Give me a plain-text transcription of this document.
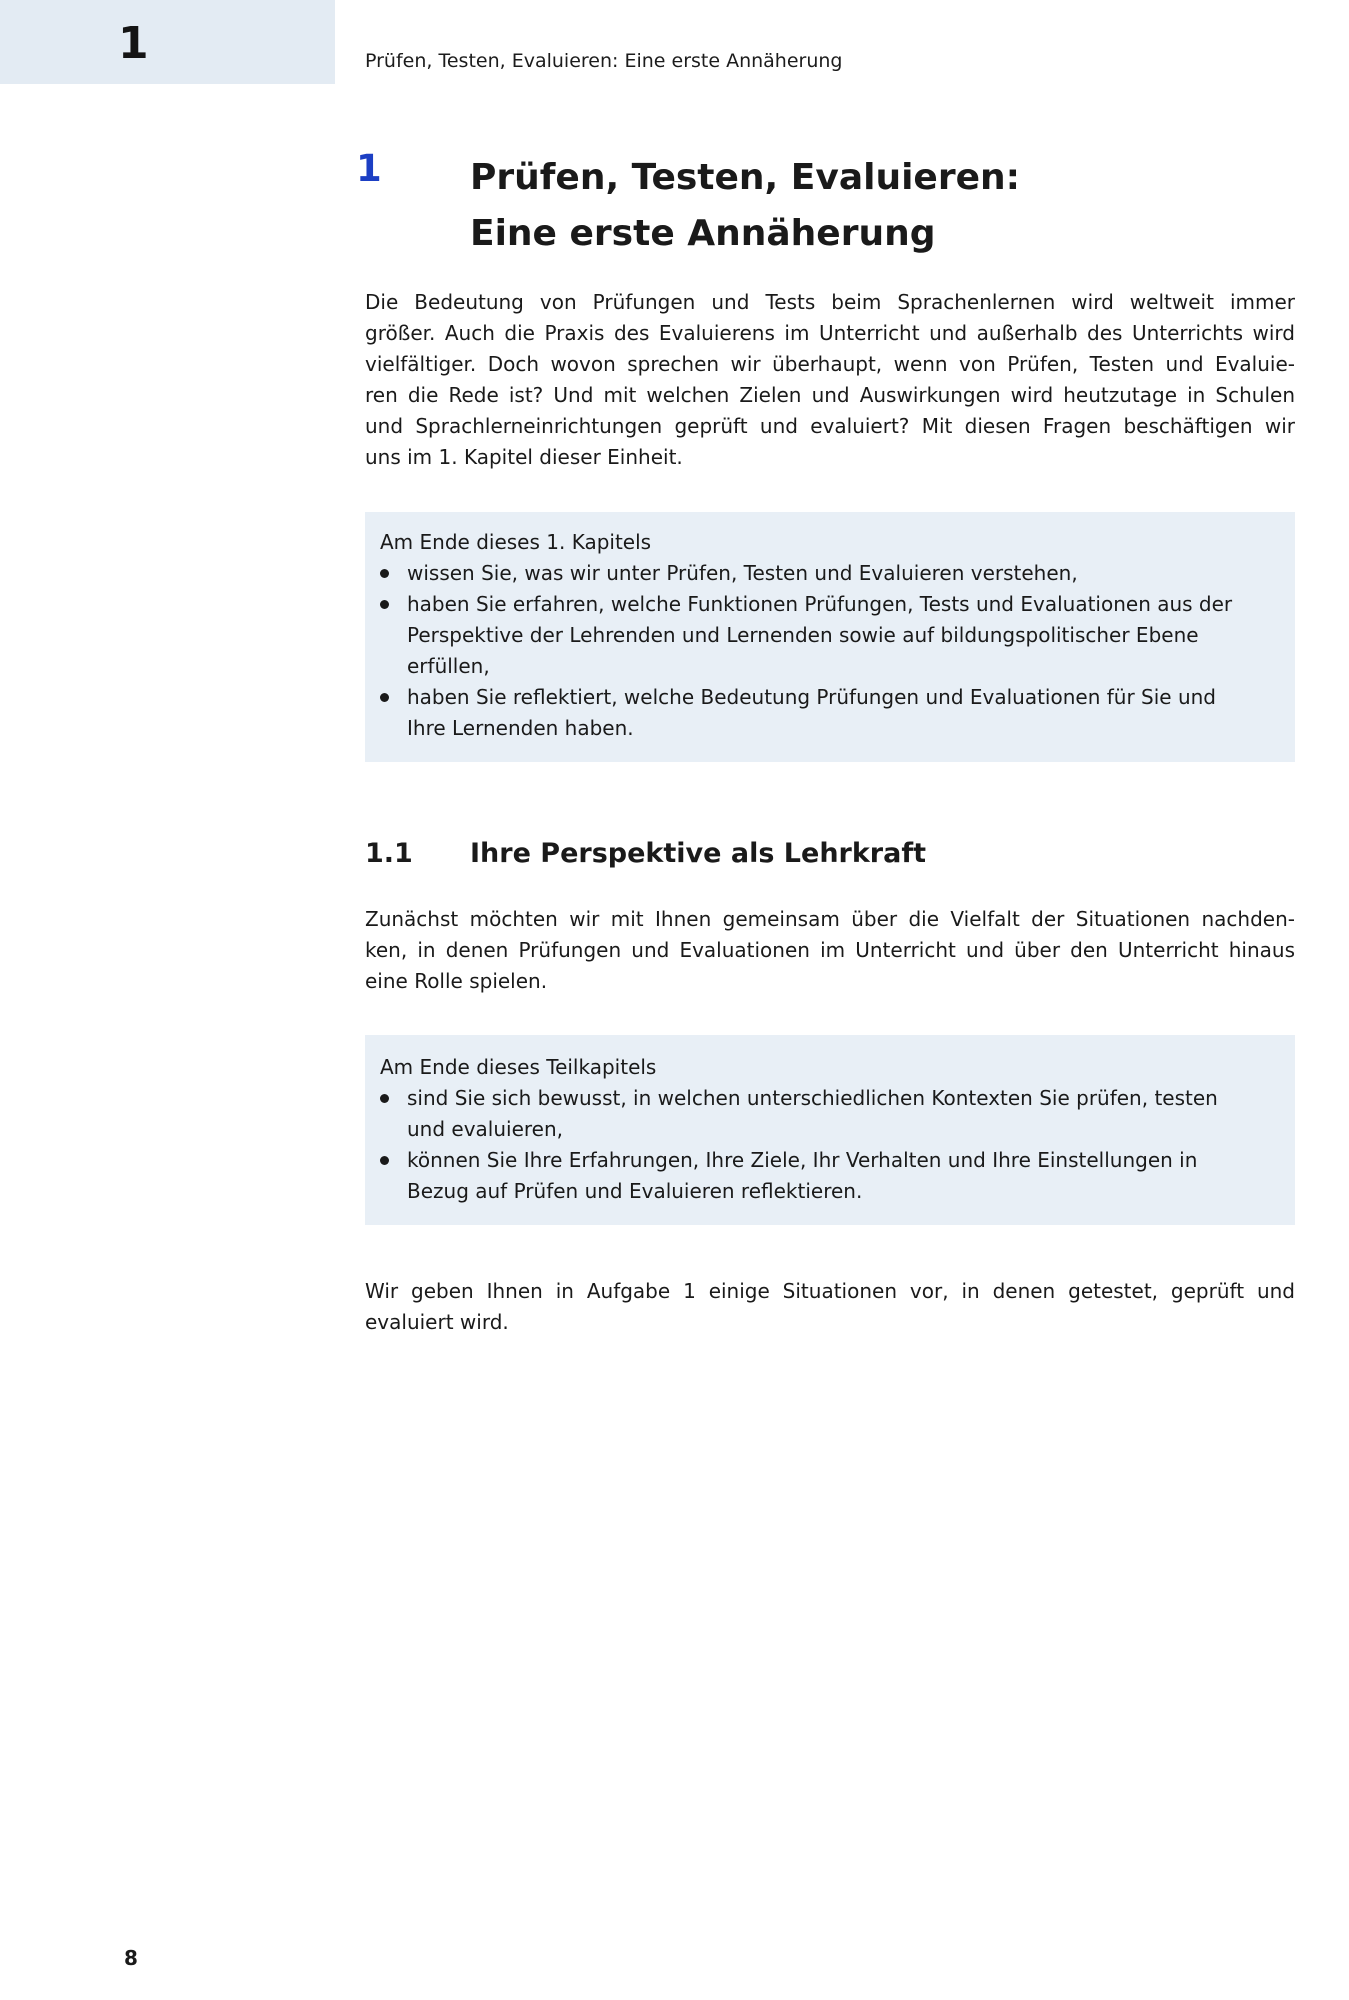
1	Prüfen, Testen, Evaluieren: Eine erste Annäherung
1 Prüfen, Testen, Evaluieren:
Eine erste Annäherung

Die Bedeutung von Prüfungen und Tests beim Sprachenlernen wird weltweit immer
größer. Auch die Praxis des Evaluierens im Unterricht und außerhalb des Unterrichts wird
vielfältiger. Doch wovon sprechen wir überhaupt, wenn von Prüfen, Testen und Evaluie-
ren die Rede ist? Und mit welchen Zielen und Auswirkungen wird heutzutage in Schulen
und Sprachlerneinrichtungen geprüft und evaluiert? Mit diesen Fragen beschäftigen wir
uns im 1. Kapitel dieser Einheit.

Am Ende dieses 1. Kapitels
wissen Sie, was wir unter Prüfen, Testen und Evaluieren verstehen,
haben Sie erfahren, welche Funktionen Prüfungen, Tests und Evaluationen aus der
Perspektive der Lehrenden und Lernenden sowie auf bildungspolitischer Ebene
erfüllen,
haben Sie reflektiert, welche Bedeutung Prüfungen und Evaluationen für Sie und
Ihre Lernenden haben.
1.1 Ihre Perspektive als Lehrkraft

Zunächst möchten wir mit Ihnen gemeinsam über die Vielfalt der Situationen nachden-
ken, in denen Prüfungen und Evaluationen im Unterricht und über den Unterricht hinaus
eine Rolle spielen.

Am Ende dieses Teilkapitels
sind Sie sich bewusst, in welchen unterschiedlichen Kontexten Sie prüfen, testen
und evaluieren,
können Sie Ihre Erfahrungen, Ihre Ziele, Ihr Verhalten und Ihre Einstellungen in
Bezug auf Prüfen und Evaluieren reflektieren.

Wir geben Ihnen in Aufgabe 1 einige Situationen vor, in denen getestet, geprüft und
evaluiert wird.

8
